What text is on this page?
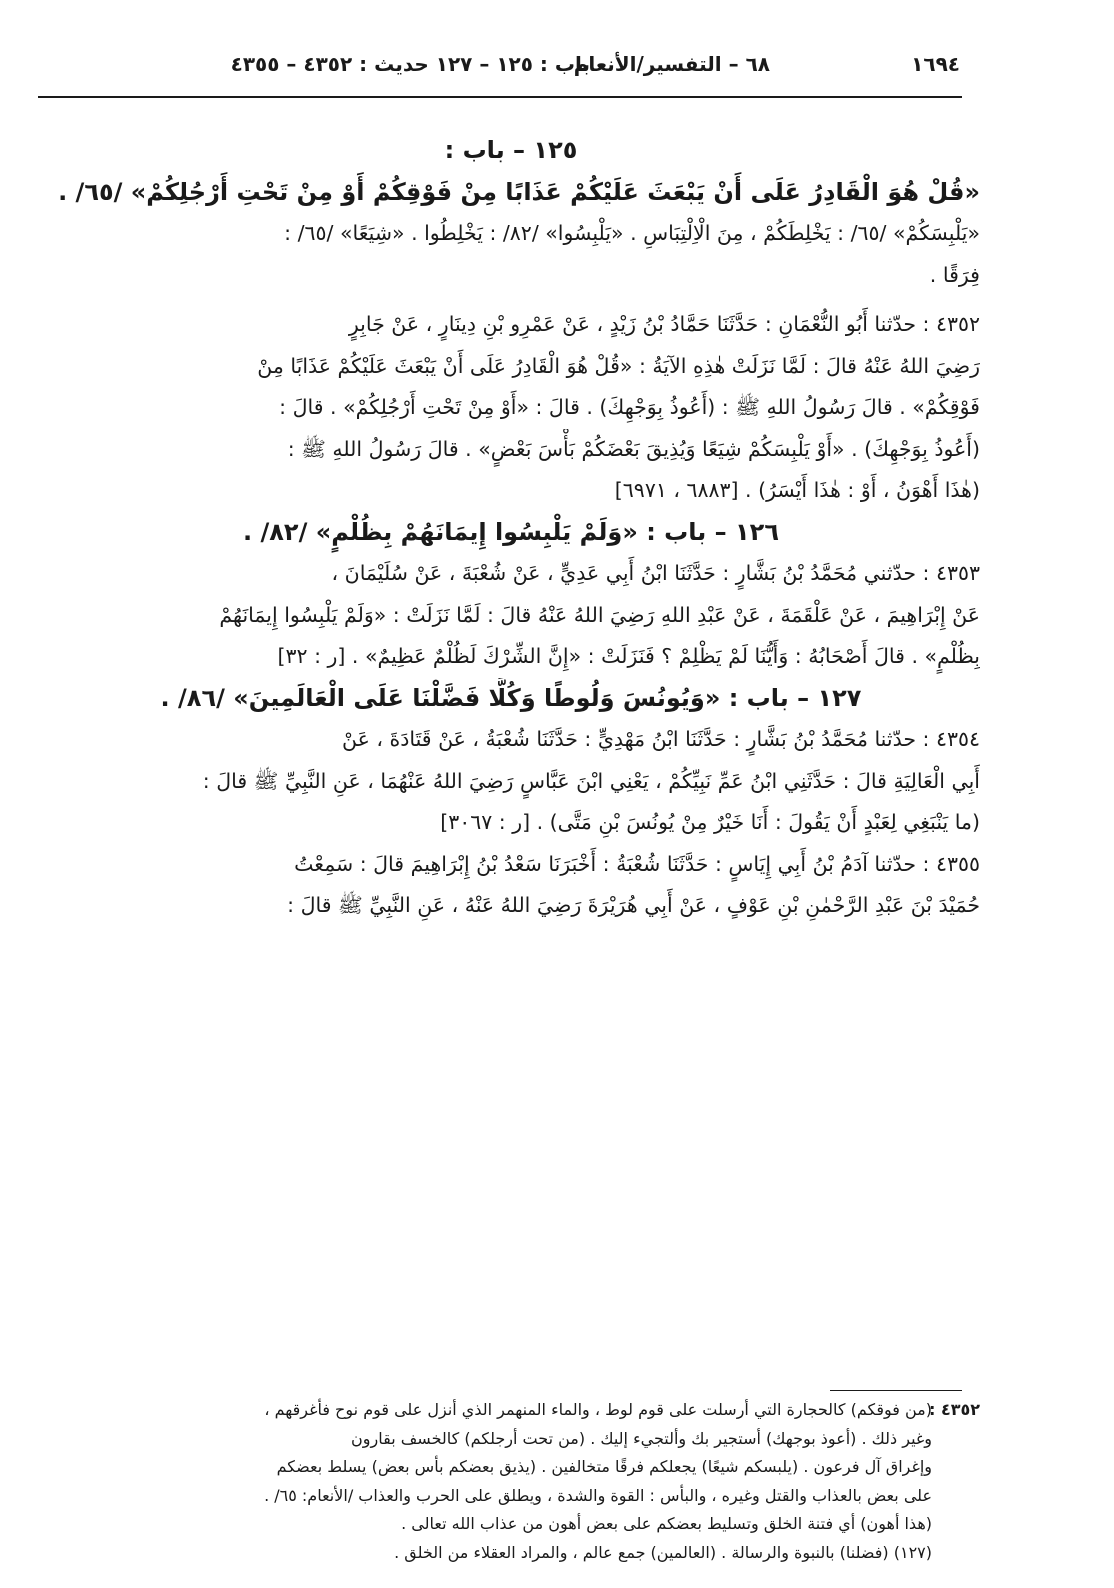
١٦٩٤
٦٨ – التفسير/الأنعام
باب : ١٢٥ – ١٢٧ حديث : ٤٣٥٢ – ٤٣٥٥
١٢٥ – باب :
«قُلْ هُوَ الْقَادِرُ عَلَى أَنْ يَبْعَثَ عَلَيْكُمْ عَذَابًا مِنْ فَوْقِكُمْ أَوْ مِنْ تَحْتِ أَرْجُلِكُمْ» /٦٥/ .
«يَلْبِسَكُمْ» /٦٥/ : يَخْلِطَكُمْ ، مِنَ الْاِلْتِبَاسِ . «يَلْبِسُوا» /٨٢/ : يَخْلِطُوا . «شِيَعًا» /٦٥/ :
فِرَقًا .
٤٣٥٢ : حدّثنا أَبُو النُّعْمَانِ : حَدَّثَنَا حَمَّادُ بْنُ زَيْدٍ ، عَنْ عَمْرِو بْنِ دِينَارٍ ، عَنْ جَابِرٍ
رَضِيَ اللهُ عَنْهُ قالَ : لَمَّا نَزَلَتْ هٰذِهِ الآيَةُ : «قُلْ هُوَ الْقَادِرُ عَلَى أَنْ يَبْعَثَ عَلَيْكُمْ عَذَابًا مِنْ
فَوْقِكُمْ» . قالَ رَسُولُ اللهِ ﷺ : (أَعُوذُ بِوَجْهِكَ) . قالَ : «أَوْ مِنْ تَحْتِ أَرْجُلِكُمْ» . قالَ :
(أَعُوذُ بِوَجْهِكَ) . «أَوْ يَلْبِسَكُمْ شِيَعًا وَيُذِيقَ بَعْضَكُمْ بَأْسَ بَعْضٍ» . قالَ رَسُولُ اللهِ ﷺ :
(هٰذَا أَهْوَنُ ، أَوْ : هٰذَا أَيْسَرُ) . [٦٨٨٣ ، ٦٩٧١]
١٢٦ – باب : «وَلَمْ يَلْبِسُوا إِيمَانَهُمْ بِظُلْمٍ» /٨٢/ .
٤٣٥٣ : حدّثني مُحَمَّدُ بْنُ بَشَّارٍ : حَدَّثَنَا ابْنُ أَبِي عَدِيٍّ ، عَنْ شُعْبَةَ ، عَنْ سُلَيْمَانَ ،
عَنْ إِبْرَاهِيمَ ، عَنْ عَلْقَمَةَ ، عَنْ عَبْدِ اللهِ رَضِيَ اللهُ عَنْهُ قالَ : لَمَّا نَزَلَتْ : «وَلَمْ يَلْبِسُوا إِيمَانَهُمْ
بِظُلْمٍ» . قالَ أَصْحَابُهُ : وَأَيُّنَا لَمْ يَظْلِمْ ؟ فَنَزَلَتْ : «إِنَّ الشِّرْكَ لَظُلْمٌ عَظِيمٌ» . [ر : ٣٢]
١٢٧ – باب : «وَيُونُسَ وَلُوطًا وَكُلًّا فَضَّلْنَا عَلَى الْعَالَمِينَ» /٨٦/ .
٤٣٥٤ : حدّثنا مُحَمَّدُ بْنُ بَشَّارٍ : حَدَّثَنَا ابْنُ مَهْدِيٍّ : حَدَّثَنَا شُعْبَةُ ، عَنْ قَتَادَةَ ، عَنْ
أَبِي الْعَالِيَةِ قالَ : حَدَّثَنِي ابْنُ عَمِّ نَبِيِّكُمْ ، يَعْنِي ابْنَ عَبَّاسٍ رَضِيَ اللهُ عَنْهُمَا ، عَنِ النَّبِيِّ ﷺ قالَ :
(ما يَنْبَغِي لِعَبْدٍ أَنْ يَقُولَ : أَنَا خَيْرٌ مِنْ يُونُسَ بْنِ مَتَّى) . [ر : ٣٠٦٧]
٤٣٥٥ : حدّثنا آدَمُ بْنُ أَبِي إِيَاسٍ : حَدَّثَنَا شُعْبَةُ : أَخْبَرَنَا سَعْدُ بْنُ إِبْرَاهِيمَ قالَ : سَمِعْتُ
حُمَيْدَ بْنَ عَبْدِ الرَّحْمٰنِ بْنِ عَوْفٍ ، عَنْ أَبِي هُرَيْرَةَ رَضِيَ اللهُ عَنْهُ ، عَنِ النَّبِيِّ ﷺ قالَ :
٤٣٥٢ :
(من فوقكم) كالحجارة التي أرسلت على قوم لوط ، والماء المنهمر الذي أنزل على قوم نوح فأغرقهم ،
وغير ذلك . (أعوذ بوجهك) أستجير بك وألتجيء إليك . (من تحت أرجلكم) كالخسف بقارون
وإغراق آل فرعون . (يلبسكم شيعًا) يجعلكم فرقًا متخالفين . (يذيق بعضكم بأس بعض) يسلط بعضكم
على بعض بالعذاب والقتل وغيره ، والبأس : القوة والشدة ، ويطلق على الحرب والعذاب /الأنعام: ٦٥/ .
(هذا أهون) أي فتنة الخلق وتسليط بعضكم على بعض أهون من عذاب الله تعالى .
(١٢٧) (فضلنا) بالنبوة والرسالة . (العالمين) جمع عالم ، والمراد العقلاء من الخلق .
